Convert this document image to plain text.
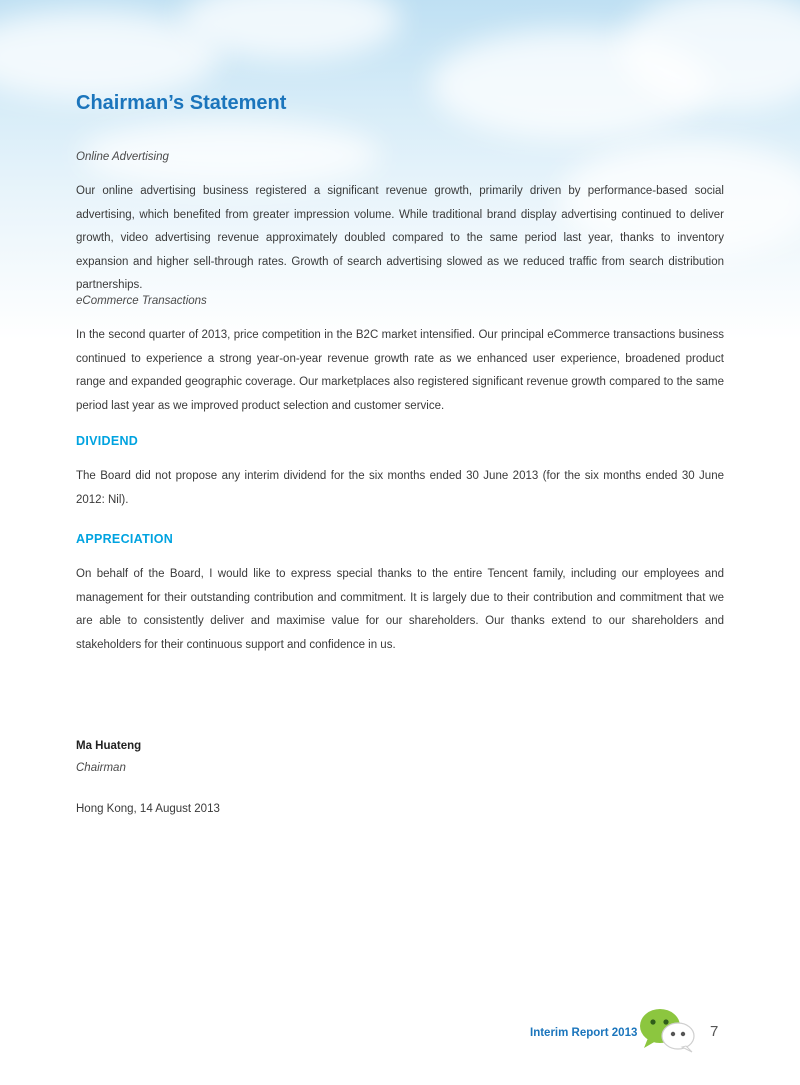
Chairman’s Statement

Online Advertising

Our online advertising business registered a significant revenue growth, primarily driven by performance-based social advertising, which benefited from greater impression volume. While traditional brand display advertising continued to deliver growth, video advertising revenue approximately doubled compared to the same period last year, thanks to inventory expansion and higher sell-through rates. Growth of search advertising slowed as we reduced traffic from search distribution partnerships.

eCommerce Transactions

In the second quarter of 2013, price competition in the B2C market intensified. Our principal eCommerce transactions business continued to experience a strong year-on-year revenue growth rate as we enhanced user experience, broadened product range and expanded geographic coverage. Our marketplaces also registered significant revenue growth compared to the same period last year as we improved product selection and customer service.

DIVIDEND

The Board did not propose any interim dividend for the six months ended 30 June 2013 (for the six months ended 30 June 2012: Nil).

APPRECIATION

On behalf of the Board, I would like to express special thanks to the entire Tencent family, including our employees and management for their outstanding contribution and commitment. It is largely due to their contribution and commitment that we are able to consistently deliver and maximise value for our shareholders. Our thanks extend to our shareholders and stakeholders for their continuous support and confidence in us.

Ma Huateng

Chairman

Hong Kong, 14 August 2013

Interim Report 2013	7
